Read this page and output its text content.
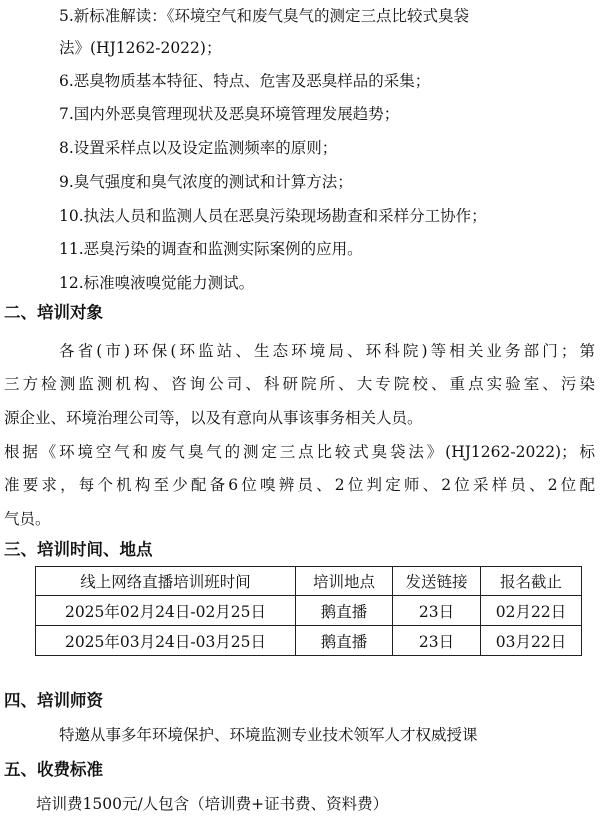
5.新标准解读：《环境空气和废气臭气的测定三点比较式臭袋
法》(HJ1262-2022)；
6.恶臭物质基本特征、特点、危害及恶臭样品的采集；
7.国内外恶臭管理现状及恶臭环境管理发展趋势；
8.设置采样点以及设定监测频率的原则；
9.臭气强度和臭气浓度的测试和计算方法；
10.执法人员和监测人员在恶臭污染现场勘查和采样分工协作；
11.恶臭污染的调查和监测实际案例的应用。
12.标准嗅液嗅觉能力测试。
二、培训对象
各省(市)环保(环监站、生态环境局、环科院)等相关业务部门；第
三方检测监测机构、咨询公司、科研院所、大专院校、重点实验室、污染
源企业、环境治理公司等，以及有意向从事该事务相关人员。
根据《环境空气和废气臭气的测定三点比较式臭袋法》(HJ1262-2022)；标
准要求，每个机构至少配备6位嗅辨员、2位判定师、2位采样员、2位配
气员。
三、培训时间、地点
线上网络直播培训班时间	培训地点	发送链接	报名截止
2025年02月24日-02月25日	鹅直播	23日	02月22日
2025年03月24日-03月25日	鹅直播	23日	03月22日
四、培训师资
特邀从事多年环境保护、环境监测专业技术领军人才权威授课
五、收费标准
培训费1500元/人包含（培训费+证书费、资料费）
